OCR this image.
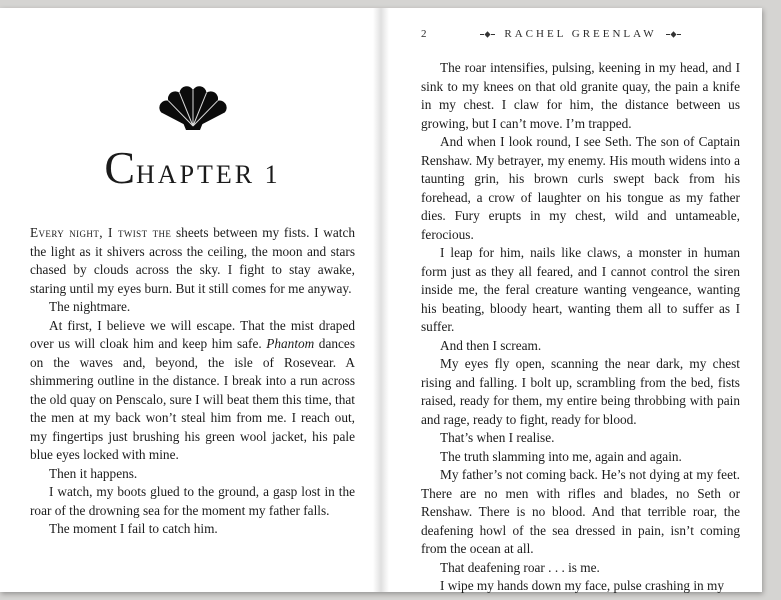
CHAPTER 1

Every night, I twist the sheets between my fists. I watch the light as it shivers across the ceiling, the moon and stars chased by clouds across the sky. I fight to stay awake, staring until my eyes burn. But it still comes for me anyway.

The nightmare.

At first, I believe we will escape. That the mist draped over us will cloak him and keep him safe. Phantom dances on the waves and, beyond, the isle of Rosevear. A shimmering outline in the distance. I break into a run across the old quay on Penscalo, sure I will beat them this time, that the men at my back won’t steal him from me. I reach out, my fingertips just brushing his green wool jacket, his pale blue eyes locked with mine.

Then it happens.

I watch, my boots glued to the ground, a gasp lost in the roar of the drowning sea for the moment my father falls.

The moment I fail to catch him.

2	RACHEL GREENLAW

The roar intensifies, pulsing, keening in my head, and I sink to my knees on that old granite quay, the pain a knife in my chest. I claw for him, the distance between us growing, but I can’t move. I’m trapped.

And when I look round, I see Seth. The son of Captain Renshaw. My betrayer, my enemy. His mouth widens into a taunting grin, his brown curls swept back from his forehead, a crow of laughter on his tongue as my father dies. Fury erupts in my chest, wild and untameable, ferocious.

I leap for him, nails like claws, a monster in human form just as they all feared, and I cannot control the siren inside me, the feral creature wanting vengeance, wanting his beating, bloody heart, wanting them all to suffer as I suffer.

And then I scream.

My eyes fly open, scanning the near dark, my chest rising and falling. I bolt up, scrambling from the bed, fists raised, ready for them, my entire being throbbing with pain and rage, ready to fight, ready for blood.

That’s when I realise.

The truth slamming into me, again and again.

My father’s not coming back. He’s not dying at my feet. There are no men with rifles and blades, no Seth or Renshaw. There is no blood. And that terrible roar, the deafening howl of the sea dressed in pain, isn’t coming from the ocean at all.

That deafening roar . . . is me.

I wipe my hands down my face, pulse crashing in my
